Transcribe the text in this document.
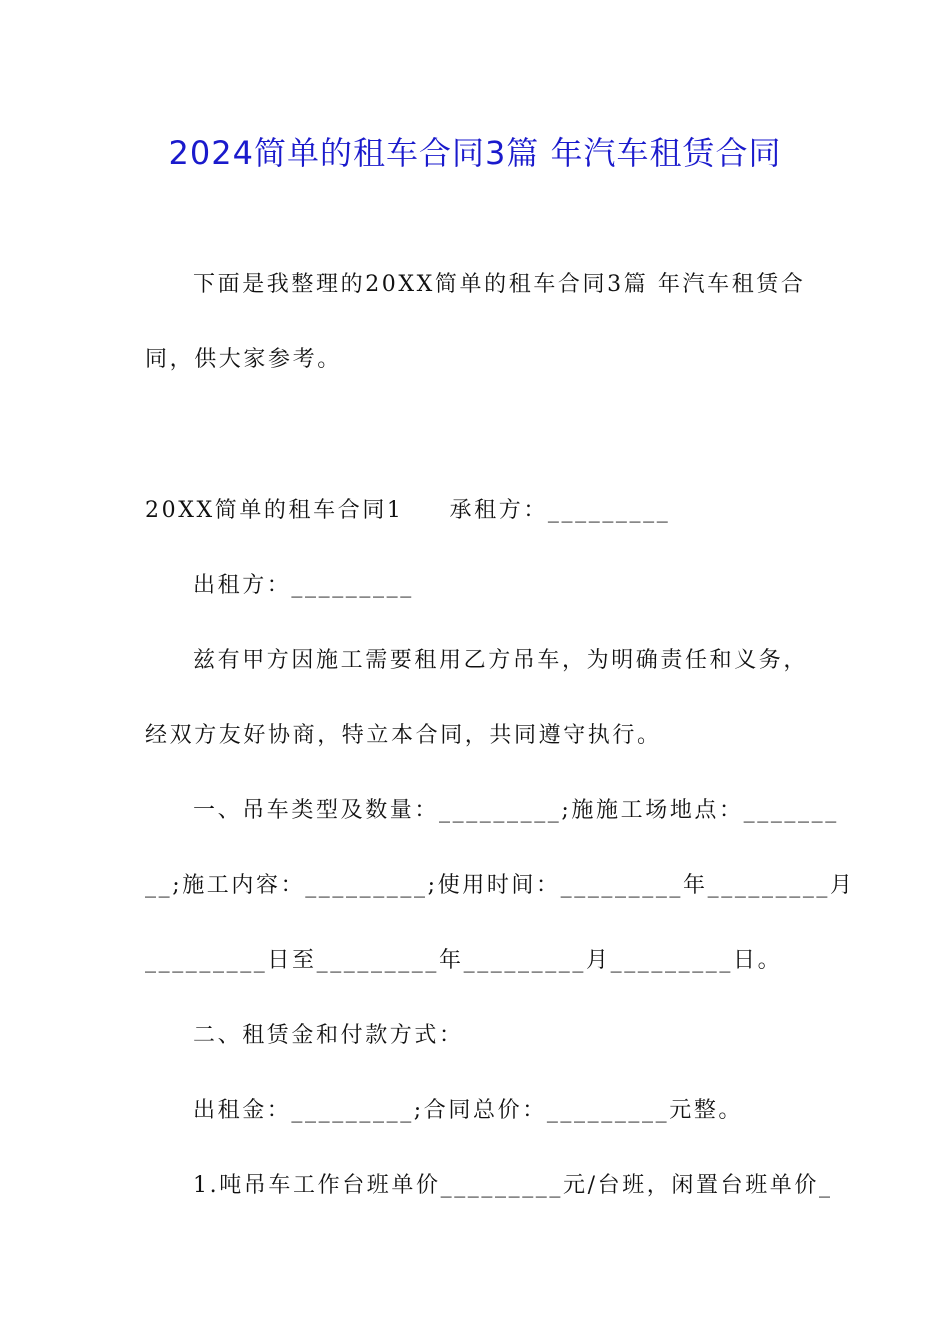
2024简单的租车合同3篇 年汽车租赁合同
下面是我整理的20XX简单的租车合同3篇 年汽车租赁合
同，供大家参考。
20XX简单的租车合同1 承租方：_________
出租方：_________
兹有甲方因施工需要租用乙方吊车，为明确责任和义务，
经双方友好协商，特立本合同，共同遵守执行。
一、吊车类型及数量：_________;施施工场地点：_______
__;施工内容：_________;使用时间：_________年_________月
_________日至_________年_________月_________日。
二、租赁金和付款方式：
出租金：_________;合同总价：_________元整。
1.吨吊车工作台班单价_________元/台班，闲置台班单价_
